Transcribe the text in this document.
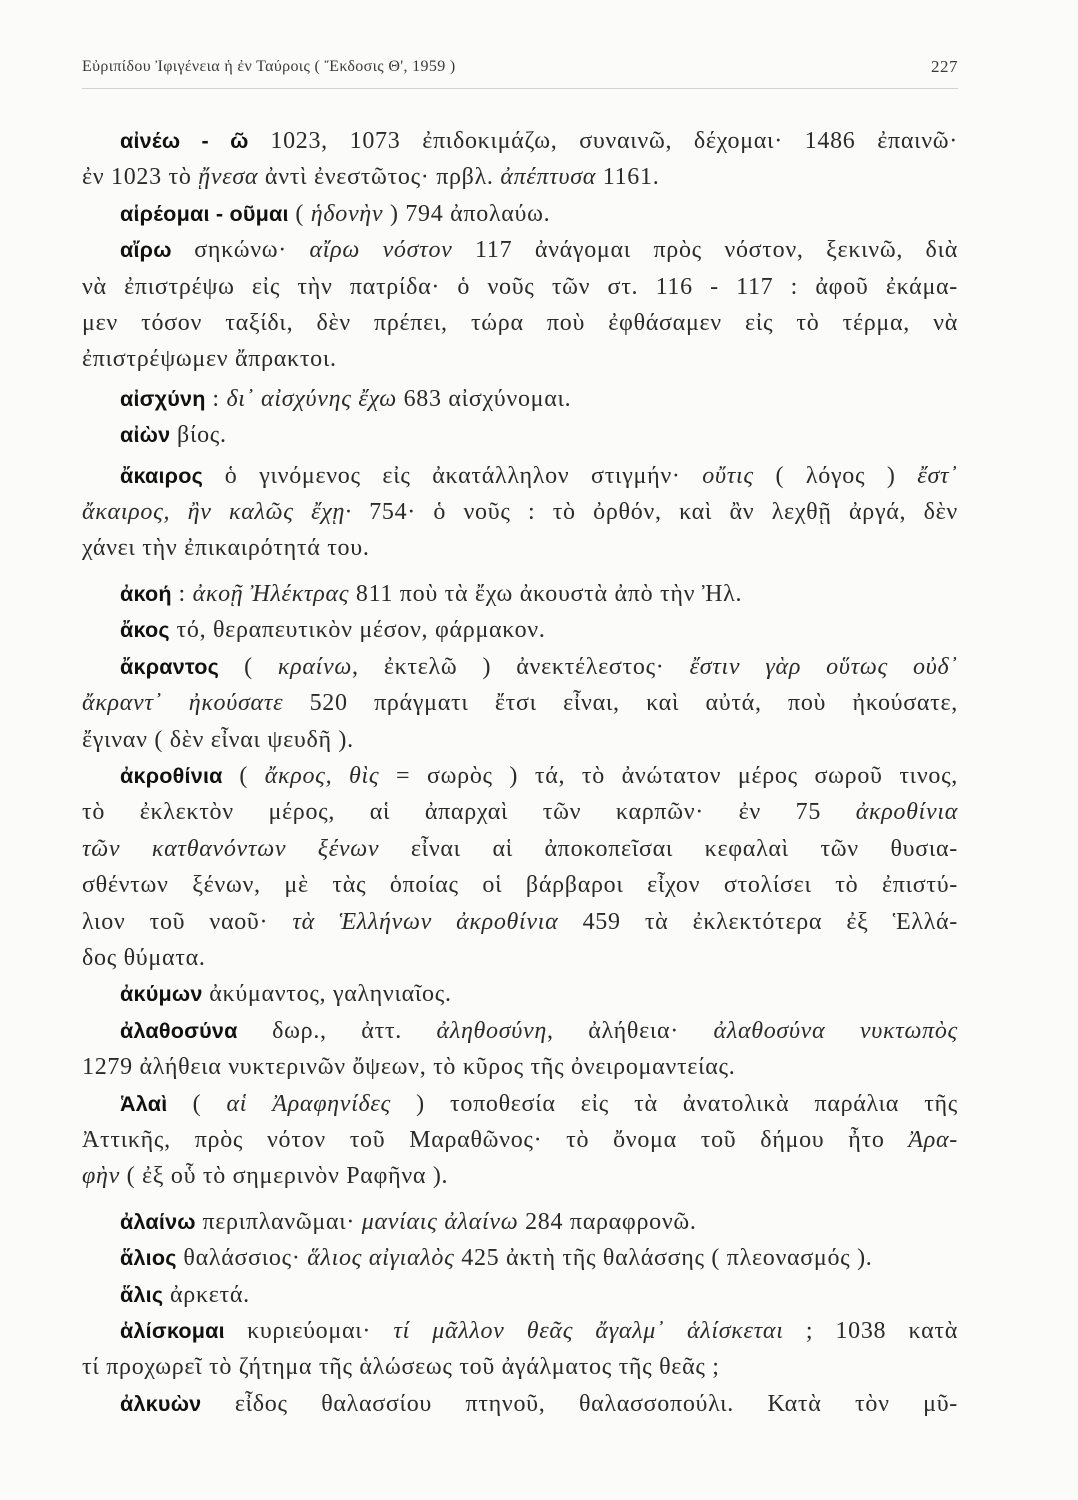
Εὐριπίδου Ἰφιγένεια ἡ ἐν Ταύροις ( Ἔκδοσις Θ', 1959 )	227
αἰνέω - ῶ 1023, 1073 ἐπιδοκιμάζω, συναινῶ, δέχομαι· 1486 ἐπαινῶ·
ἐν 1023 τὸ ᾔνεσα ἀντὶ ἐνεστῶτος· πρβλ. ἀπέπτυσα 1161.
αἱρέομαι - οῦμαι ( ἡδονὴν ) 794 ἀπολαύω.
αἴρω σηκώνω· αἴρω νόστον 117 ἀνάγομαι πρὸς νόστον, ξεκινῶ, διὰ
νὰ ἐπιστρέψω εἰς τὴν πατρίδα· ὁ νοῦς τῶν στ. 116 - 117 : ἀφοῦ ἐκάμα-
μεν τόσον ταξίδι, δὲν πρέπει, τώρα ποὺ ἐφθάσαμεν εἰς τὸ τέρμα, νὰ
ἐπιστρέψωμεν ἄπρακτοι.
αἰσχύνη : δι᾿ αἰσχύνης ἔχω 683 αἰσχύνομαι.
αἰὼν βίος.
ἄκαιρος ὁ γινόμενος εἰς ἀκατάλληλον στιγμήν· οὔτις ( λόγος ) ἔστ᾿
ἄκαιρος, ἢν καλῶς ἔχῃ· 754· ὁ νοῦς : τὸ ὀρθόν, καὶ ἂν λεχθῇ ἀργά, δὲν
χάνει τὴν ἐπικαιρότητά του.
ἀκοή : ἀκοῇ Ἠλέκτρας 811 ποὺ τὰ ἔχω ἀκουστὰ ἀπὸ τὴν Ἠλ.
ἄκος τό, θεραπευτικὸν μέσον, φάρμακον.
ἄκραντος ( κραίνω, ἐκτελῶ ) ἀνεκτέλεστος· ἔστιν γὰρ οὕτως οὐδ᾿
ἄκραντ᾿ ἠκούσατε 520 πράγματι ἔτσι εἶναι, καὶ αὐτά, ποὺ ἠκούσατε,
ἔγιναν ( δὲν εἶναι ψευδῆ ).
ἀκροθίνια ( ἄκρος, θὶς = σωρὸς ) τά, τὸ ἀνώτατον μέρος σωροῦ τινος,
τὸ ἐκλεκτὸν μέρος, αἱ ἀπαρχαὶ τῶν καρπῶν· ἐν 75 ἀκροθίνια
τῶν κατθανόντων ξένων εἶναι αἱ ἀποκοπεῖσαι κεφαλαὶ τῶν θυσια-
σθέντων ξένων, μὲ τὰς ὁποίας οἱ βάρβαροι εἶχον στολίσει τὸ ἐπιστύ-
λιον τοῦ ναοῦ· τὰ Ἑλλήνων ἀκροθίνια 459 τὰ ἐκλεκτότερα ἐξ Ἑλλά-
δος θύματα.
ἀκύμων ἀκύμαντος, γαληνιαῖος.
ἀλαθοσύνα δωρ., ἀττ. ἀληθοσύνη, ἀλήθεια· ἀλαθοσύνα νυκτωπὸς
1279 ἀλήθεια νυκτερινῶν ὄψεων, τὸ κῦρος τῆς ὀνειρομαντείας.
Ἁλαὶ ( αἱ Ἀραφηνίδες ) τοποθεσία εἰς τὰ ἀνατολικὰ παράλια τῆς
Ἀττικῆς, πρὸς νότον τοῦ Μαραθῶνος· τὸ ὄνομα τοῦ δήμου ἦτο Ἀρα-
φὴν ( ἐξ οὗ τὸ σημερινὸν Ραφῆνα ).
ἀλαίνω περιπλανῶμαι· μανίαις ἀλαίνω 284 παραφρονῶ.
ἅλιος θαλάσσιος· ἅλιος αἰγιαλὸς 425 ἀκτὴ τῆς θαλάσσης ( πλεονασμός ).
ἅλις ἀρκετά.
ἁλίσκομαι κυριεύομαι· τί μᾶλλον θεᾶς ἄγαλμ᾿ ἁλίσκεται ; 1038 κατὰ
τί προχωρεῖ τὸ ζήτημα τῆς ἁλώσεως τοῦ ἀγάλματος τῆς θεᾶς ;
ἀλκυὼν εἶδος θαλασσίου πτηνοῦ, θαλασσοπούλι. Κατὰ τὸν μῦ-
